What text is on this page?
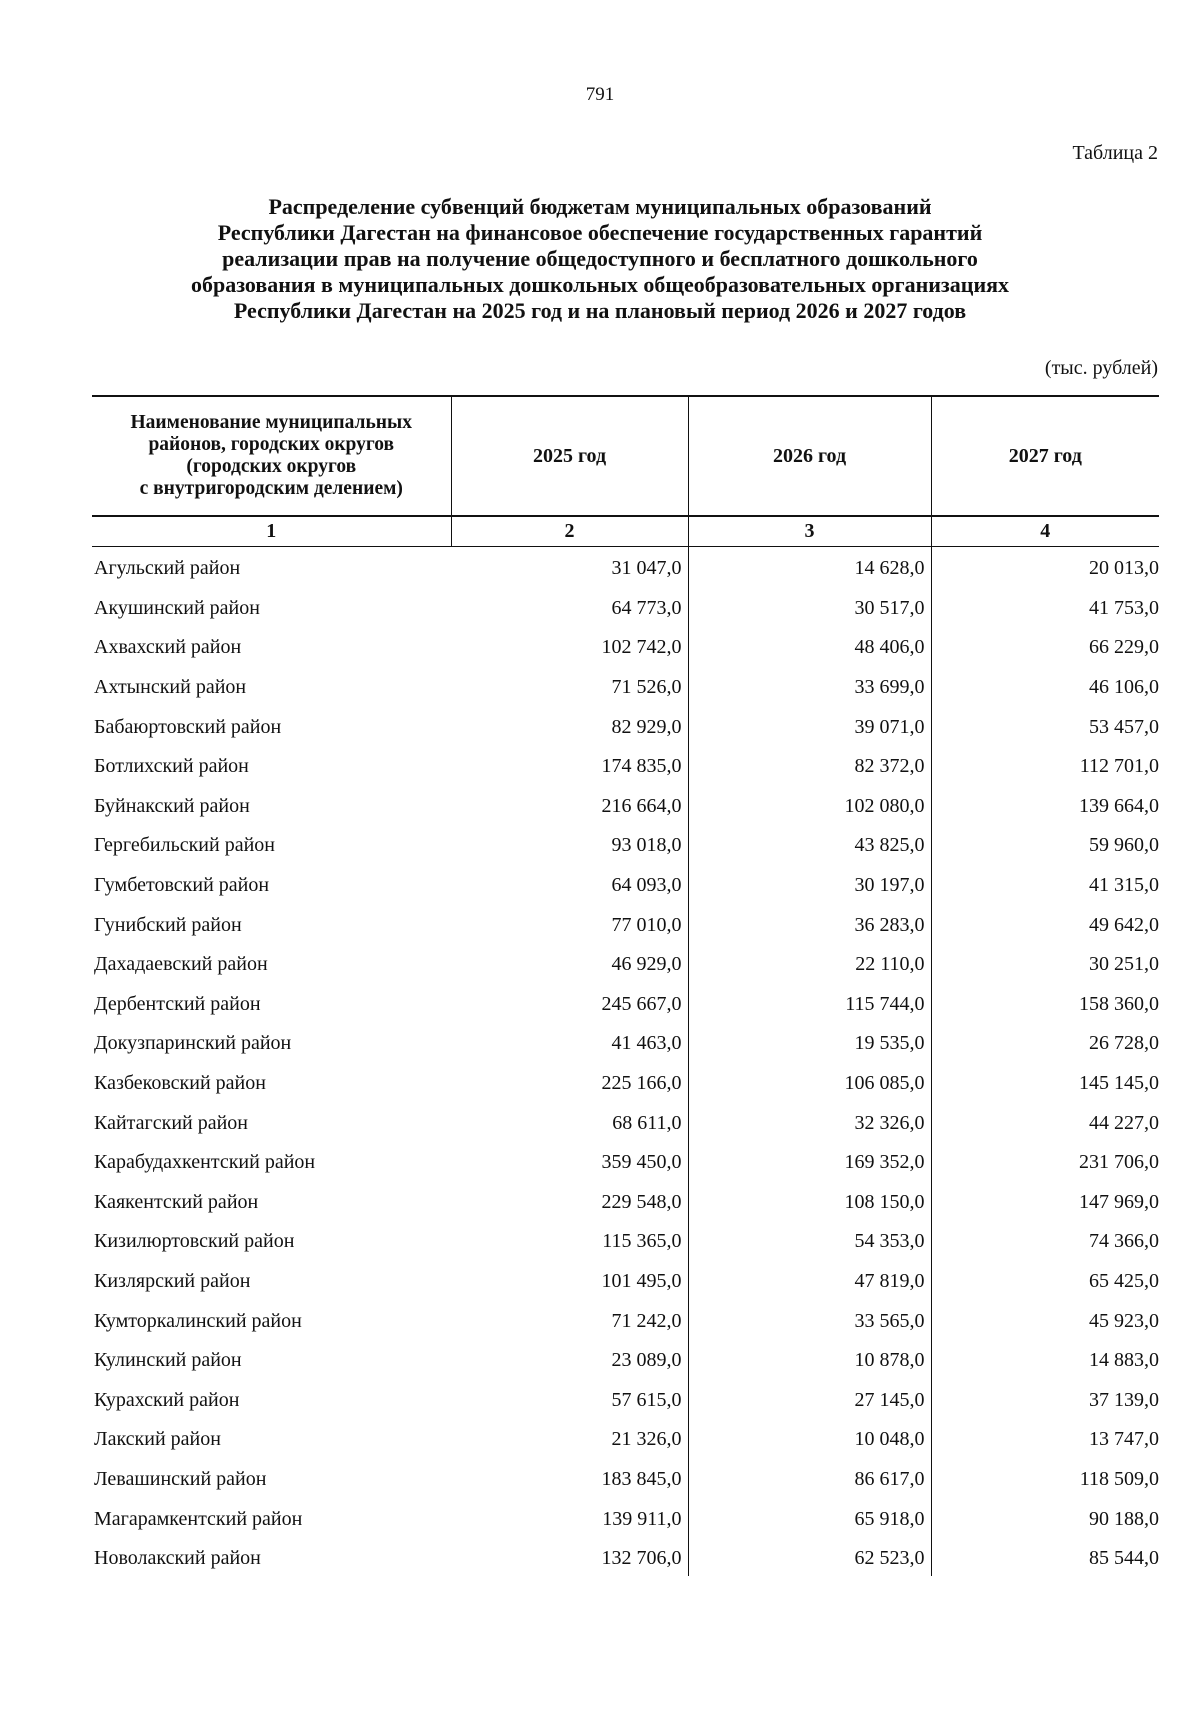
791
Таблица 2
Распределение субвенций бюджетам муниципальных образований
Республики Дагестан на финансовое обеспечение государственных гарантий
реализации прав на получение общедоступного и бесплатного дошкольного
образования в муниципальных дошкольных общеобразовательных организациях
Республики Дагестан на 2025 год и на плановый период 2026 и 2027 годов
(тыс. рублей)
Наименование муниципальных
районов, городских округов
(городских округов
с внутригородским делением)	2025 год	2026 год	2027 год
1	2	3	4
Агульский район	31 047,0	14 628,0	20 013,0
Акушинский район	64 773,0	30 517,0	41 753,0
Ахвахский район	102 742,0	48 406,0	66 229,0
Ахтынский район	71 526,0	33 699,0	46 106,0
Бабаюртовский район	82 929,0	39 071,0	53 457,0
Ботлихский район	174 835,0	82 372,0	112 701,0
Буйнакский район	216 664,0	102 080,0	139 664,0
Гергебильский район	93 018,0	43 825,0	59 960,0
Гумбетовский район	64 093,0	30 197,0	41 315,0
Гунибский район	77 010,0	36 283,0	49 642,0
Дахадаевский район	46 929,0	22 110,0	30 251,0
Дербентский район	245 667,0	115 744,0	158 360,0
Докузпаринский район	41 463,0	19 535,0	26 728,0
Казбековский район	225 166,0	106 085,0	145 145,0
Кайтагский район	68 611,0	32 326,0	44 227,0
Карабудахкентский район	359 450,0	169 352,0	231 706,0
Каякентский район	229 548,0	108 150,0	147 969,0
Кизилюртовский район	115 365,0	54 353,0	74 366,0
Кизлярский район	101 495,0	47 819,0	65 425,0
Кумторкалинский район	71 242,0	33 565,0	45 923,0
Кулинский район	23 089,0	10 878,0	14 883,0
Курахский район	57 615,0	27 145,0	37 139,0
Лакский район	21 326,0	10 048,0	13 747,0
Левашинский район	183 845,0	86 617,0	118 509,0
Магарамкентский район	139 911,0	65 918,0	90 188,0
Новолакский район	132 706,0	62 523,0	85 544,0
